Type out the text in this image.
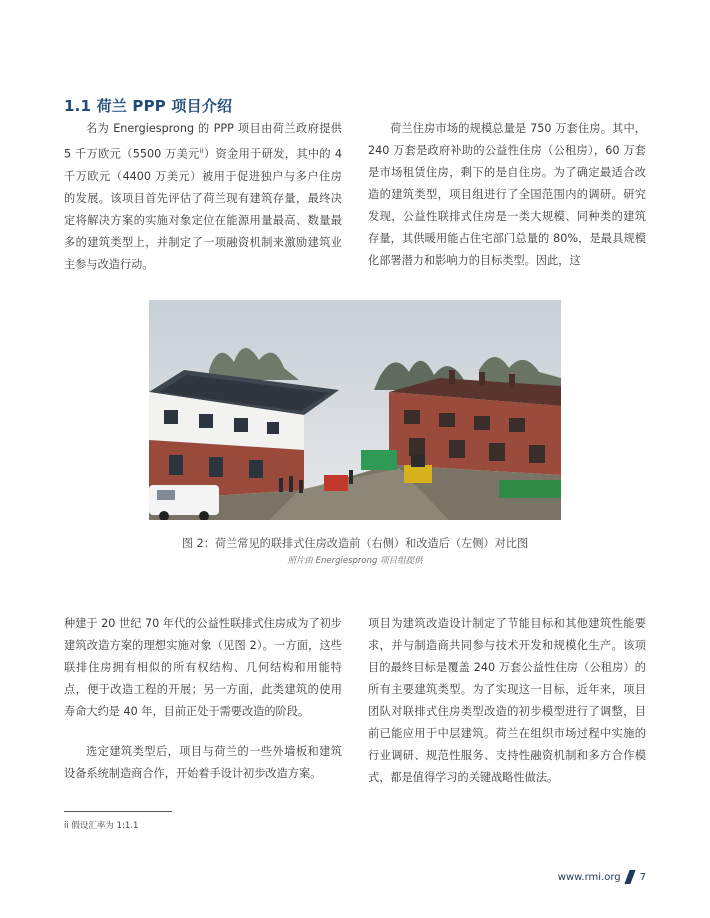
1.1 荷兰 PPP 项目介绍

名为 Energiesprong 的 PPP 项目由荷兰政府提供 5 千万欧元（5500 万美元$^{ii}$）资金用于研发，其中的 4 千万欧元（4400 万美元）被用于促进独户与多户住房的发展。该项目首先评估了荷兰现有建筑存量，最终决定将解决方案的实施对象定位在能源用量最高、数量最多的建筑类型上，并制定了一项融资机制来激励建筑业主参与改造行动。

荷兰住房市场的规模总量是 750 万套住房。其中，240 万套是政府补助的公益性住房（公租房），60 万套是市场租赁住房，剩下的是自住房。为了确定最适合改造的建筑类型，项目组进行了全国范围内的调研。研究发现，公益性联排式住房是一类大规模、同种类的建筑存量，其供暖用能占住宅部门总量的 80%，是最具规模化部署潜力和影响力的目标类型。因此，这

图 2：荷兰常见的联排式住房改造前（右侧）和改造后（左侧）对比图
照片由 Energiesprong 项目组提供

种建于 20 世纪 70 年代的公益性联排式住房成为了初步建筑改造方案的理想实施对象（见图 2）。一方面，这些联排住房拥有相似的所有权结构、几何结构和用能特点，便于改造工程的开展；另一方面，此类建筑的使用寿命大约是 40 年，目前正处于需要改造的阶段。

选定建筑类型后，项目与荷兰的一些外墙板和建筑设备系统制造商合作，开始着手设计初步改造方案。

项目为建筑改造设计制定了节能目标和其他建筑性能要求，并与制造商共同参与技术开发和规模化生产。该项目的最终目标是覆盖 240 万套公益性住房（公租房）的所有主要建筑类型。为了实现这一目标，近年来，项目团队对联排式住房类型改造的初步模型进行了调整，目前已能应用于中层建筑。荷兰在组织市场过程中实施的行业调研、规范性服务、支持性融资机制和多方合作模式，都是值得学习的关键战略性做法。

ii 假设汇率为 1:1.1
www.rmi.org 7
